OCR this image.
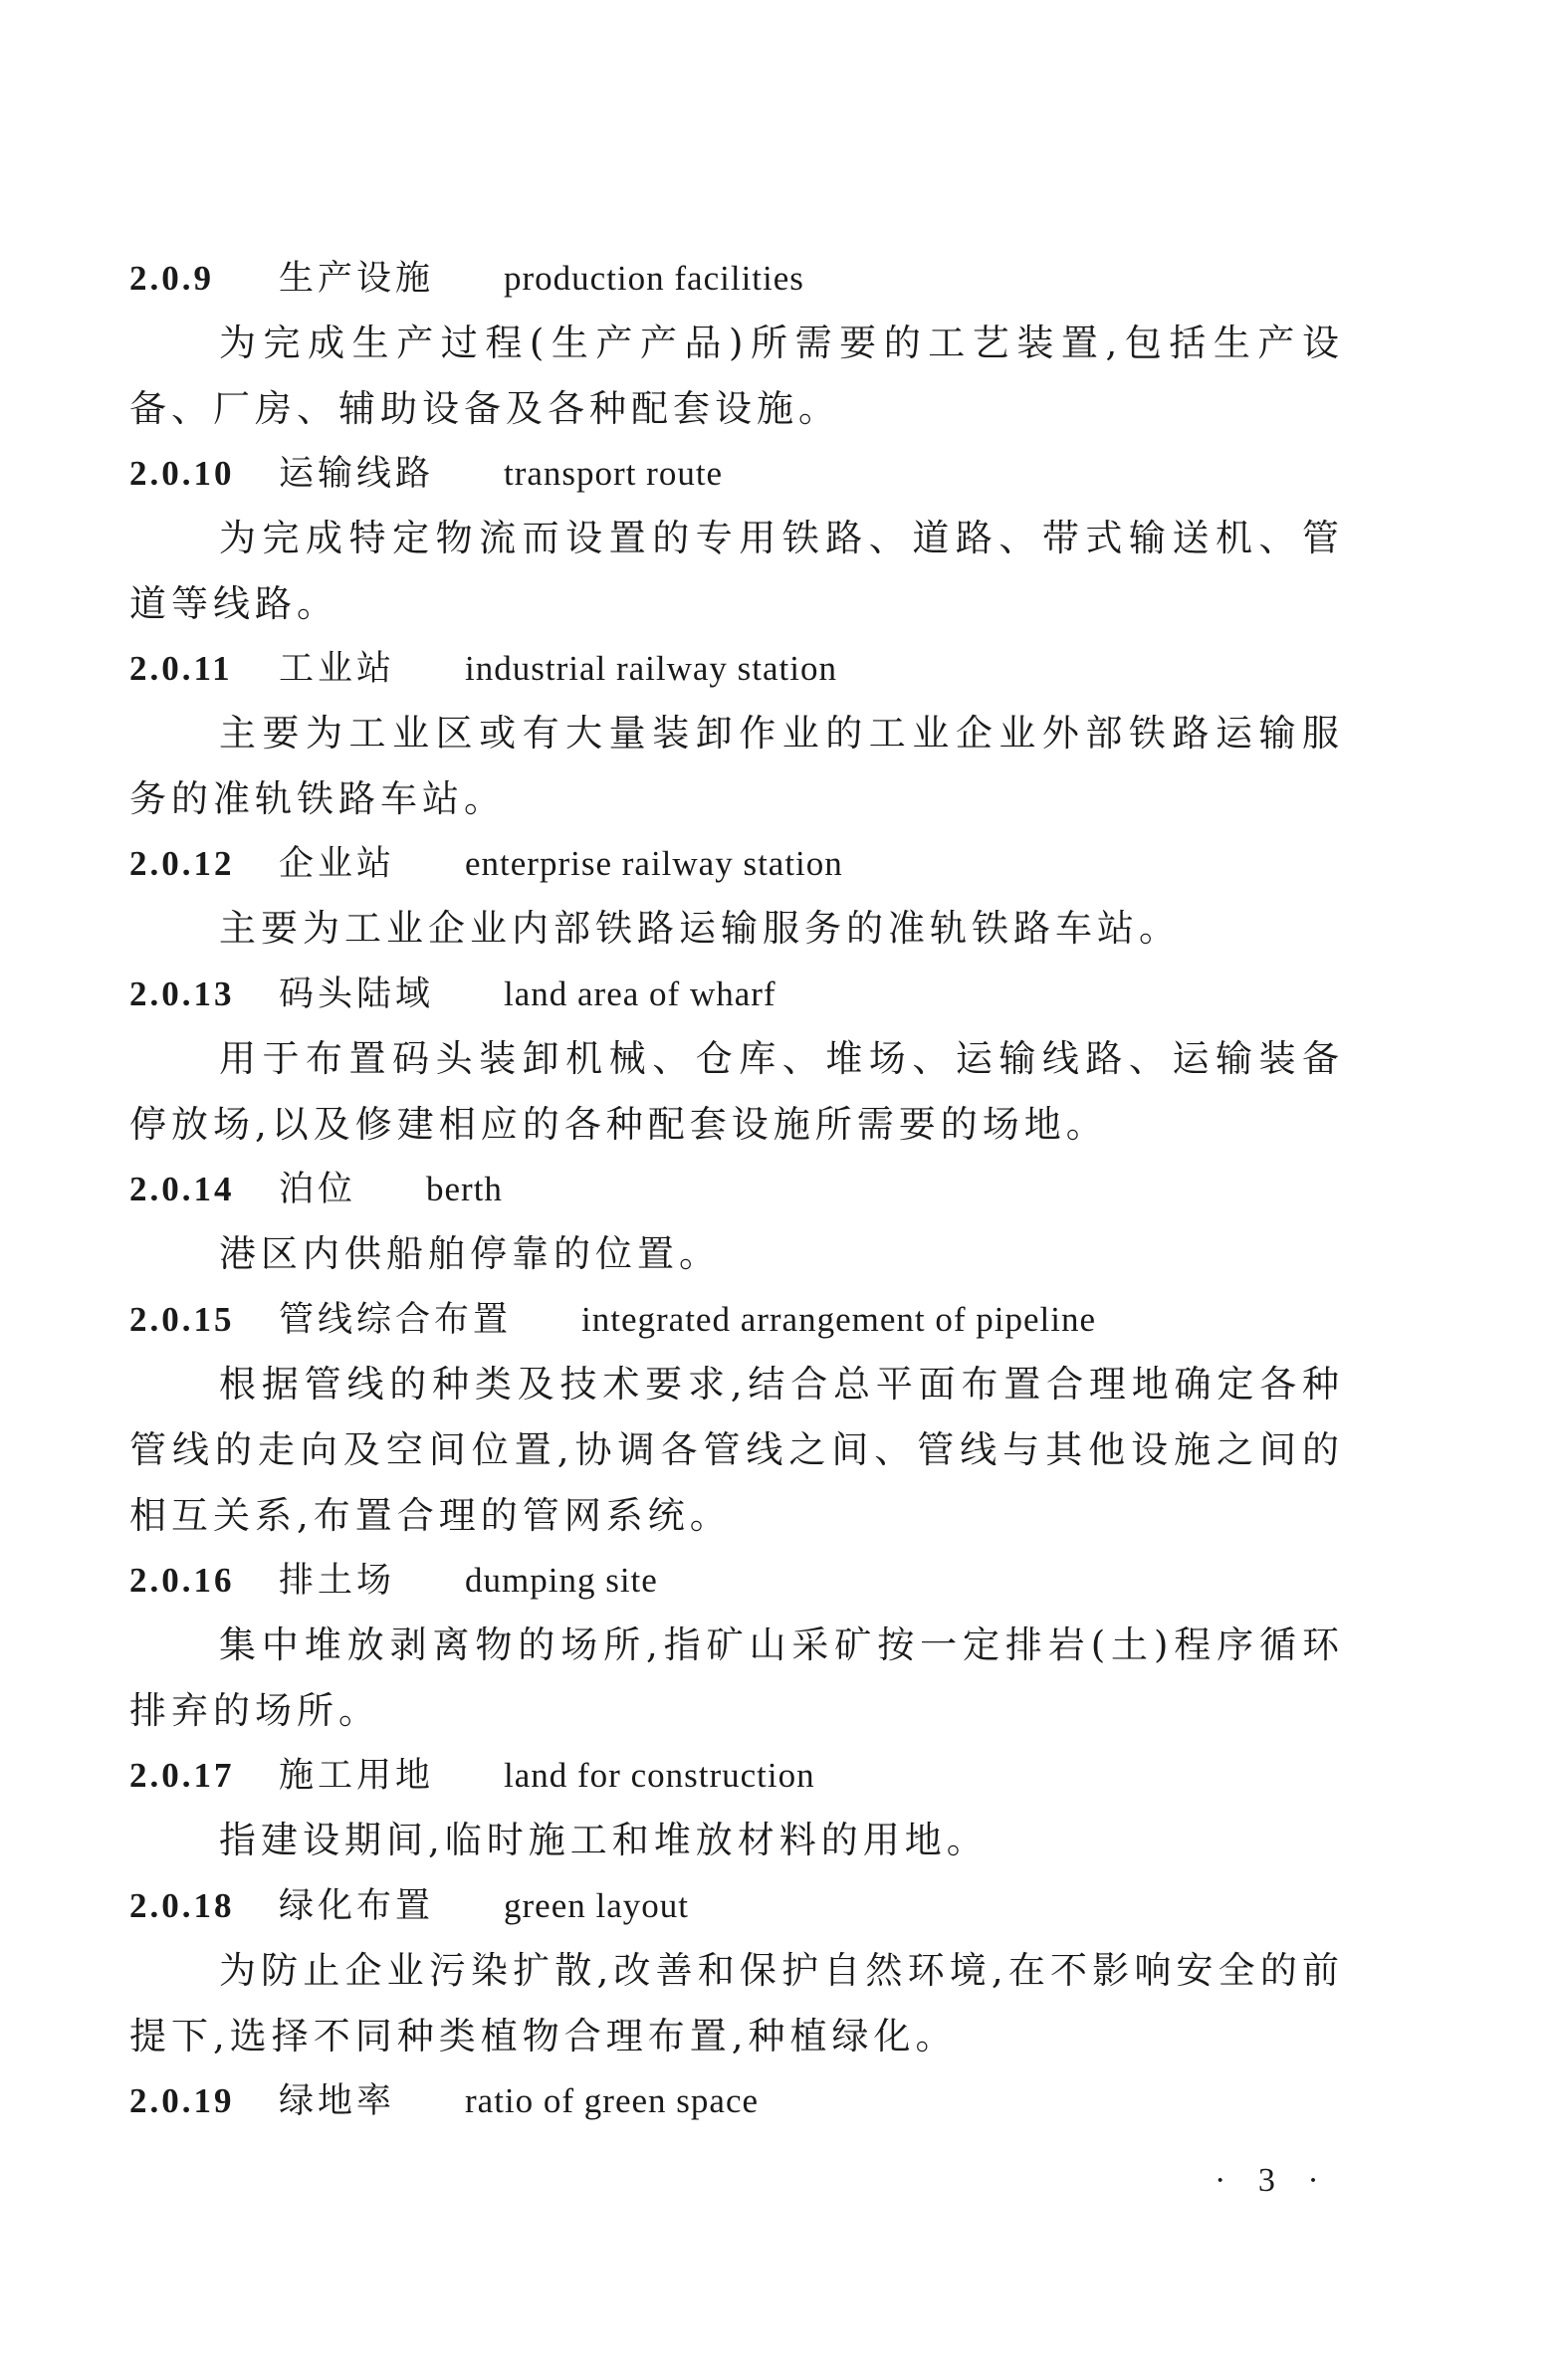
2.0.9 生产设施 production facilities
为完成生产过程(生产产品)所需要的工艺装置,包括生产设备、厂房、辅助设备及各种配套设施。
2.0.10 运输线路 transport route
为完成特定物流而设置的专用铁路、道路、带式输送机、管道等线路。
2.0.11 工业站 industrial railway station
主要为工业区或有大量装卸作业的工业企业外部铁路运输服务的准轨铁路车站。
2.0.12 企业站 enterprise railway station
主要为工业企业内部铁路运输服务的准轨铁路车站。
2.0.13 码头陆域 land area of wharf
用于布置码头装卸机械、仓库、堆场、运输线路、运输装备停放场,以及修建相应的各种配套设施所需要的场地。
2.0.14 泊位 berth
港区内供船舶停靠的位置。
2.0.15 管线综合布置 integrated arrangement of pipeline
根据管线的种类及技术要求,结合总平面布置合理地确定各种管线的走向及空间位置,协调各管线之间、管线与其他设施之间的相互关系,布置合理的管网系统。
2.0.16 排土场 dumping site
集中堆放剥离物的场所,指矿山采矿按一定排岩(土)程序循环排弃的场所。
2.0.17 施工用地 land for construction
指建设期间,临时施工和堆放材料的用地。
2.0.18 绿化布置 green layout
为防止企业污染扩散,改善和保护自然环境,在不影响安全的前提下,选择不同种类植物合理布置,种植绿化。
2.0.19 绿地率 ratio of green space
· 3 ·
